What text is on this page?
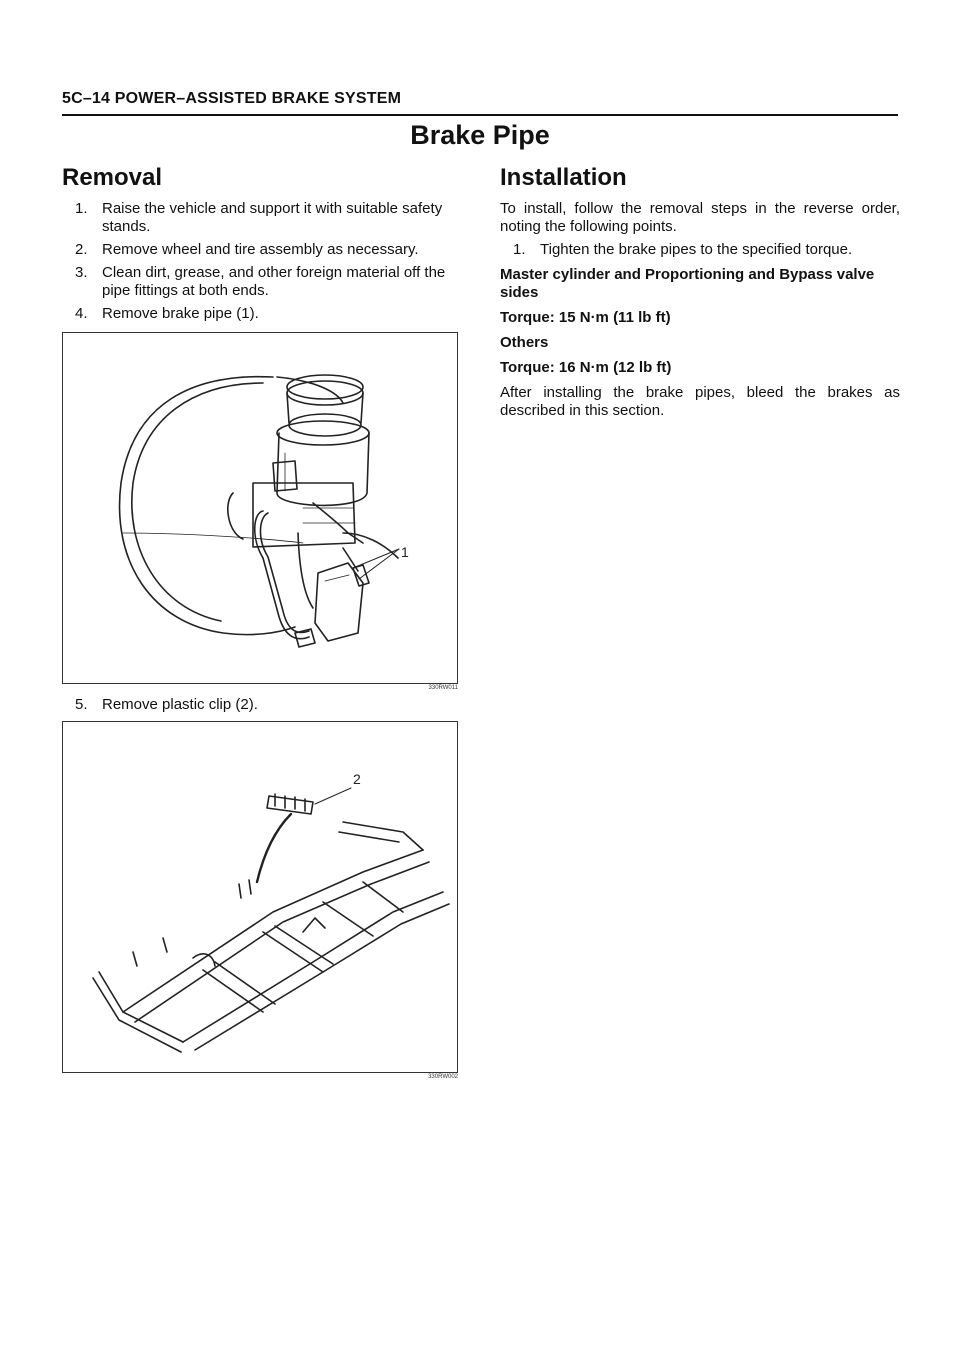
5C–14 POWER–ASSISTED BRAKE SYSTEM
Brake Pipe
Removal
1. Raise the vehicle and support it with suitable safety stands.
2. Remove wheel and tire assembly as necessary.
3. Clean dirt, grease, and other foreign material off the pipe fittings at both ends.
4. Remove brake pipe (1).
1
330RW011
5. Remove plastic clip (2).
2
330RW002
Installation

To install, follow the removal steps in the reverse order, noting the following points.

1. Tighten the brake pipes to the specified torque.
Master cylinder and Proportioning and Bypass valve sides
Torque: 15 N·m (11 lb ft)
Others
Torque: 16 N·m (12 lb ft)

After installing the brake pipes, bleed the brakes as described in this section.
